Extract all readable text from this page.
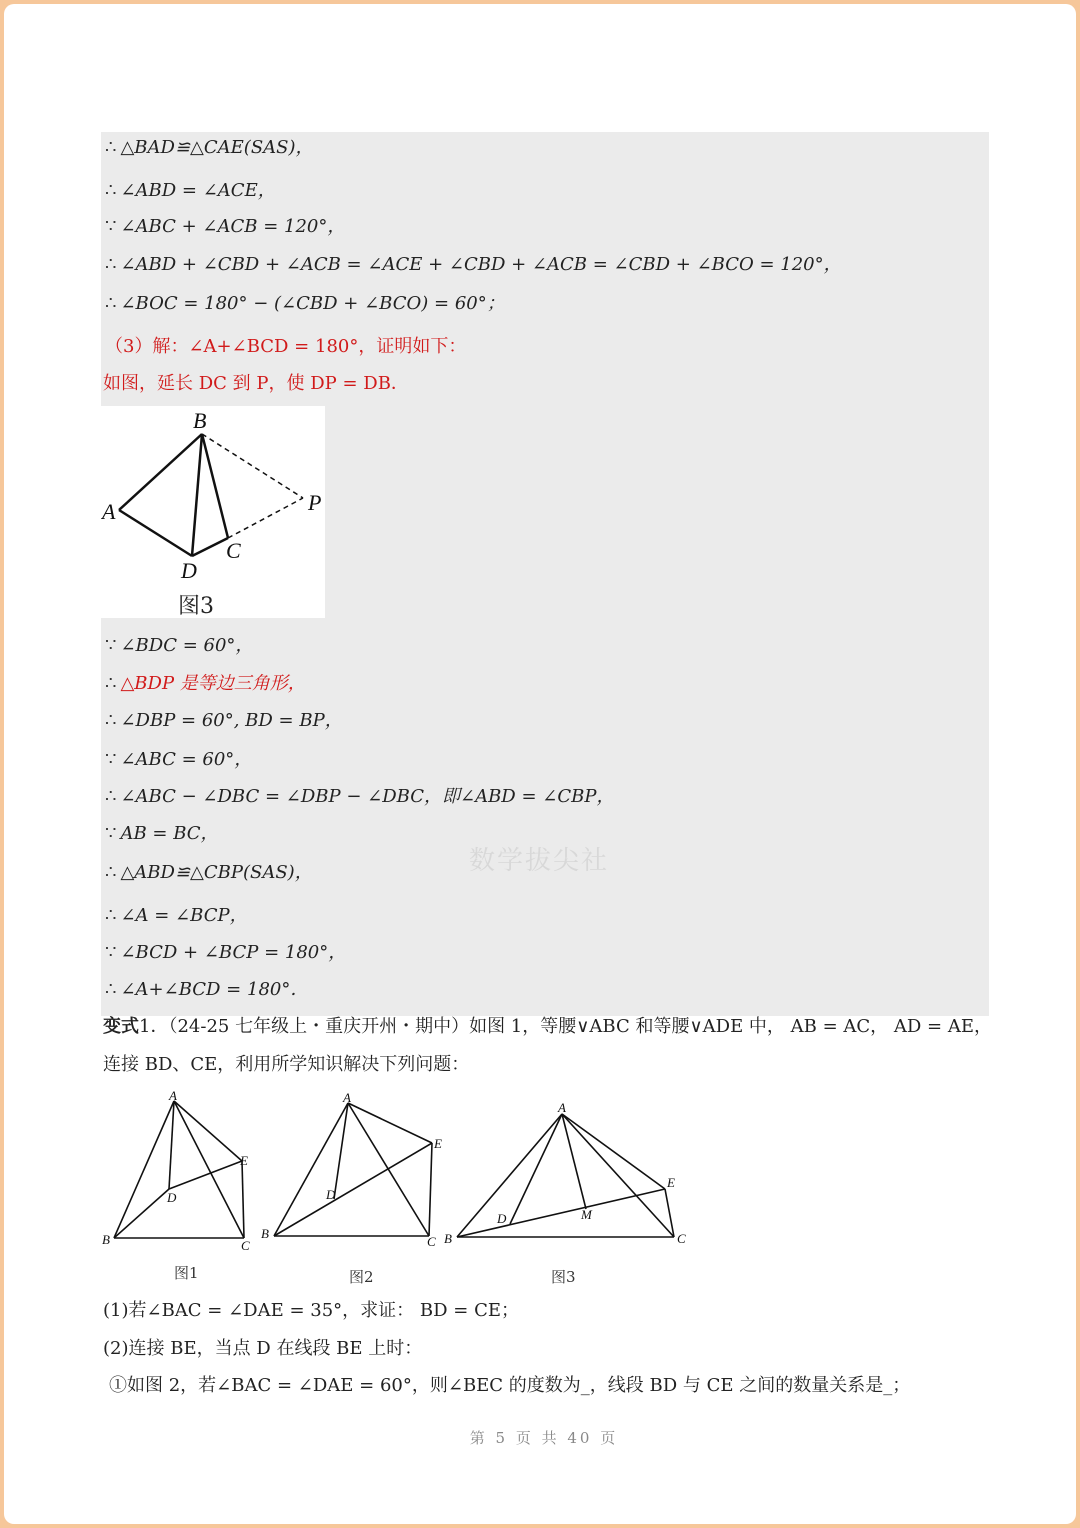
∴ △BAD≌△CAE(SAS)，
∴ ∠ABD = ∠ACE，
∵ ∠ABC + ∠ACB = 120°，
∴ ∠ABD + ∠CBD + ∠ACB = ∠ACE + ∠CBD + ∠ACB = ∠CBD + ∠BCO = 120°，
∴ ∠BOC = 180° − (∠CBD + ∠BCO) = 60°；
（3）解：∠A+∠BCD = 180°，证明如下：
如图，延长 DC 到 P，使 DP = DB．
B
A	P
C
D
图3
∵ ∠BDC = 60°，
∴ △BDP 是等边三角形，
∴ ∠DBP = 60°, BD = BP，
∵ ∠ABC = 60°，
∴ ∠ABC − ∠DBC = ∠DBP − ∠DBC，即∠ABD = ∠CBP，
∵ AB = BC，
∴ △ABD≌△CBP(SAS)，
∴ ∠A = ∠BCP，
∵ ∠BCD + ∠BCP = 180°，
∴ ∠A+∠BCD = 180°．
数学拔尖社
变式1．（24-25 七年级上・重庆开州・期中）如图 1，等腰∨ABC 和等腰∨ADE 中， AB = AC， AD = AE，
连接 BD、CE，利用所学知识解决下列问题：
A
B	C
D
E
A
B
C
D
E
A
B	C
D
E
M
图1	图2	图3
(1)若∠BAC = ∠DAE = 35°，求证： BD = CE；
(2)连接 BE，当点 D 在线段 BE 上时：
①如图 2，若∠BAC = ∠DAE = 60°，则∠BEC 的度数为_，线段 BD 与 CE 之间的数量关系是_；
第 5 页 共 40 页
